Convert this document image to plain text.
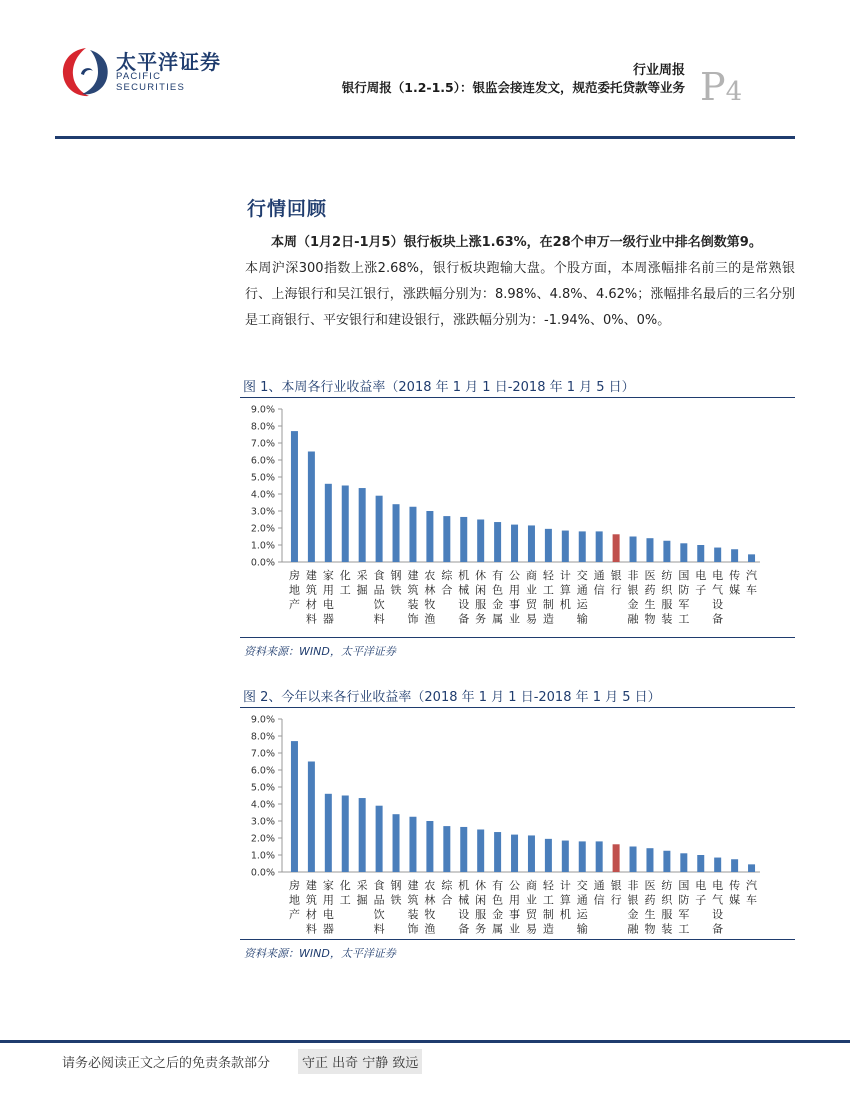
太平洋证券
PACIFIC SECURITIES
行业周报
银行周报（1.2-1.5）：银监会接连发文，规范委托贷款等业务 P4
行情回顾
本周（1月2日-1月5）银行板块上涨1.63%，在28个申万一级行业中排名倒数第9。
本周沪深300指数上涨2.68%，银行板块跑输大盘。个股方面，本周涨幅排名前三的是常熟银行、上海银行和吴江银行，涨跌幅分别为：8.98%、4.8%、4.62%；涨幅排名最后的三名分别是工商银行、平安银行和建设银行，涨跌幅分别为：-1.94%、0%、0%。
图 1、本周各行业收益率（2018 年 1 月 1 日-2018 年 1 月 5 日）
9.0%
8.0%
7.0%
6.0%
5.0%
4.0%
3.0%
2.0%
1.0%
0.0%
房
地
产
建
筑
材
料
家
用
电
器
化
工
采
掘
食
品
饮
料
钢
铁
建
筑
装
饰
农
林
牧
渔
综
合
机
械
设
备
休
闲
服
务
有
色
金
属
公
用
事
业
商
业
贸
易
轻
工
制
造
计
算
机
交
通
运
输
通
信
银
行
非
银
金
融
医
药
生
物
纺
织
服
装
国
防
军
工
电
子
电
气
设
备
传
媒
汽
车
资料来源：WIND，太平洋证券
图 2、今年以来各行业收益率（2018 年 1 月 1 日-2018 年 1 月 5 日）
9.0%
8.0%
7.0%
6.0%
5.0%
4.0%
3.0%
2.0%
1.0%
0.0%
房
地
产
建
筑
材
料
家
用
电
器
化
工
采
掘
食
品
饮
料
钢
铁
建
筑
装
饰
农
林
牧
渔
综
合
机
械
设
备
休
闲
服
务
有
色
金
属
公
用
事
业
商
业
贸
易
轻
工
制
造
计
算
机
交
通
运
输
通
信
银
行
非
银
金
融
医
药
生
物
纺
织
服
装
国
防
军
工
电
子
电
气
设
备
传
媒
汽
车
资料来源：WIND，太平洋证券
请务必阅读正文之后的免责条款部分	守正 出奇 宁静 致远
